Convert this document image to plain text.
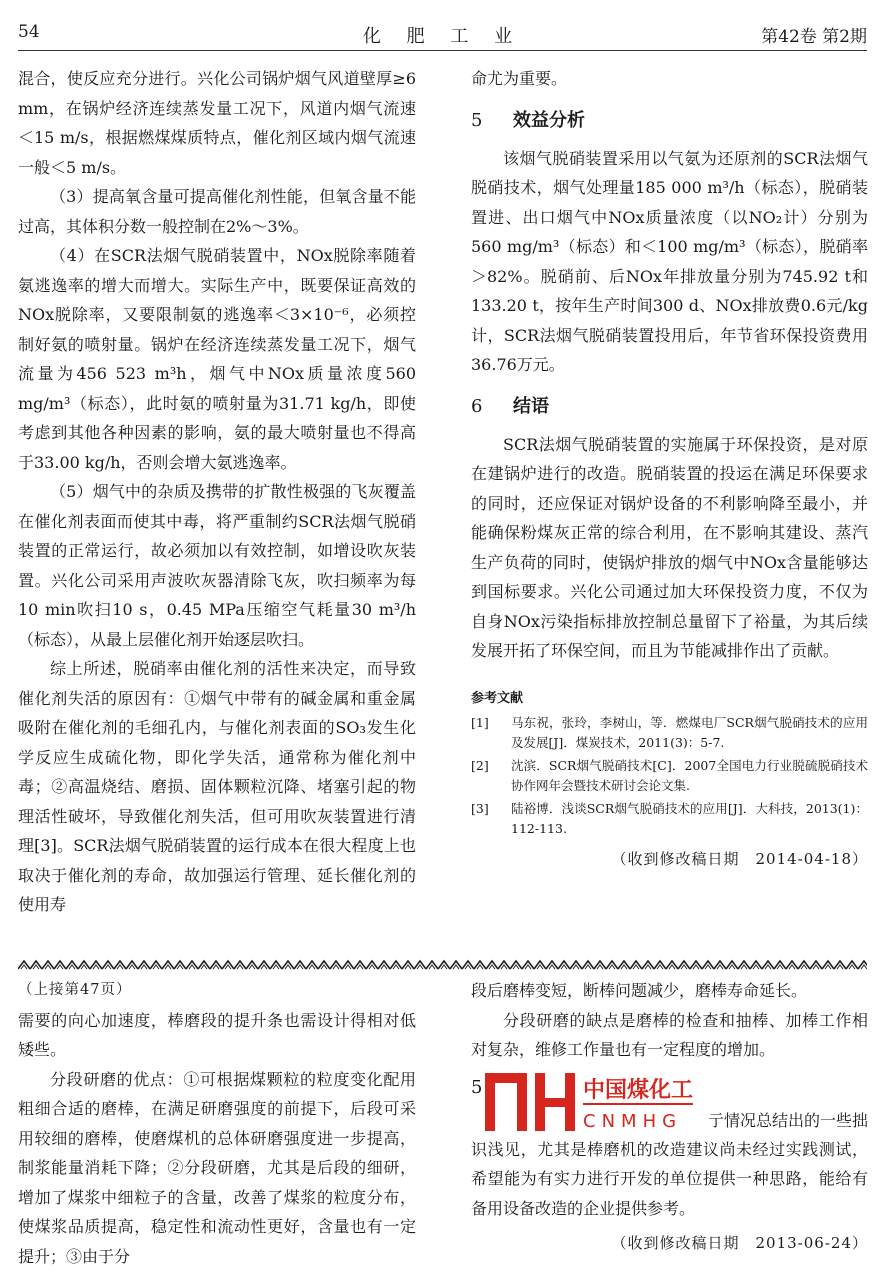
54	化 肥 工 业	第42卷 第2期

混合，使反应充分进行。兴化公司锅炉烟气风道壁厚≥6 mm，在锅炉经济连续蒸发量工况下，风道内烟气流速＜15 m/s，根据燃煤煤质特点，催化剂区域内烟气流速一般＜5 m/s。

（3）提高氧含量可提高催化剂性能，但氧含量不能过高，其体积分数一般控制在2%～3%。

（4）在SCR法烟气脱硝装置中，NOx脱除率随着氨逃逸率的增大而增大。实际生产中，既要保证高效的NOx脱除率，又要限制氨的逃逸率＜3×10⁻⁶，必须控制好氨的喷射量。锅炉在经济连续蒸发量工况下，烟气流量为456 523 m³h，烟气中NOx质量浓度560 mg/m³（标态），此时氨的喷射量为31.71 kg/h，即使考虑到其他各种因素的影响，氨的最大喷射量也不得高于33.00 kg/h，否则会增大氨逃逸率。

（5）烟气中的杂质及携带的扩散性极强的飞灰覆盖在催化剂表面而使其中毒，将严重制约SCR法烟气脱硝装置的正常运行，故必须加以有效控制，如增设吹灰装置。兴化公司采用声波吹灰器清除飞灰，吹扫频率为每10 min吹扫10 s，0.45 MPa压缩空气耗量30 m³/h（标态），从最上层催化剂开始逐层吹扫。

综上所述，脱硝率由催化剂的活性来决定，而导致催化剂失活的原因有：①烟气中带有的碱金属和重金属吸附在催化剂的毛细孔内，与催化剂表面的SO₃发生化学反应生成硫化物，即化学失活，通常称为催化剂中毒；②高温烧结、磨损、固体颗粒沉降、堵塞引起的物理活性破坏，导致催化剂失活，但可用吹灰装置进行清理[3]。SCR法烟气脱硝装置的运行成本在很大程度上也取决于催化剂的寿命，故加强运行管理、延长催化剂的使用寿

命尤为重要。

5 效益分析

该烟气脱硝装置采用以气氨为还原剂的SCR法烟气脱硝技术，烟气处理量185 000 m³/h（标态），脱硝装置进、出口烟气中NOx质量浓度（以NO₂计）分别为560 mg/m³（标态）和＜100 mg/m³（标态），脱硝率＞82%。脱硝前、后NOx年排放量分别为745.92 t和133.20 t，按年生产时间300 d、NOx排放费0.6元/kg计，SCR法烟气脱硝装置投用后，年节省环保投资费用36.76万元。

6 结语

SCR法烟气脱硝装置的实施属于环保投资，是对原在建锅炉进行的改造。脱硝装置的投运在满足环保要求的同时，还应保证对锅炉设备的不利影响降至最小，并能确保粉煤灰正常的综合利用，在不影响其建设、蒸汽生产负荷的同时，使锅炉排放的烟气中NOx含量能够达到国标要求。兴化公司通过加大环保投资力度，不仅为自身NOx污染指标排放控制总量留下了裕量，为其后续发展开拓了环保空间，而且为节能减排作出了贡献。

参考文献
[1]	马东祝，张玲，李树山，等．燃煤电厂SCR烟气脱硝技术的应用及发展[J]．煤炭技术，2011(3)：5-7.
[2]	沈滨．SCR烟气脱硝技术[C]．2007全国电力行业脱硫脱硝技术协作网年会暨技术研讨会论文集.
[3]	陆裕博．浅谈SCR烟气脱硝技术的应用[J]．大科技，2013(1)：112-113.
（收到修改稿日期　2014-04-18）

（上接第47页）

需要的向心加速度，棒磨段的提升条也需设计得相对低矮些。

分段研磨的优点：①可根据煤颗粒的粒度变化配用粗细合适的磨棒，在满足研磨强度的前提下，后段可采用较细的磨棒，使磨煤机的总体研磨强度进一步提高，制浆能量消耗下降；②分段研磨，尤其是后段的细研，增加了煤浆中细粒子的含量，改善了煤浆的粒度分布，使煤浆品质提高，稳定性和流动性更好，含量也有一定提升；③由于分

段后磨棒变短，断棒问题减少，磨棒寿命延长。

分段研磨的缺点是磨棒的检查和抽棒、加棒工作相对复杂，维修工作量也有一定程度的增加。

5	中国煤化工
CNMHG 亍情况总结出的一些拙

识浅见，尤其是棒磨机的改造建议尚未经过实践测试，希望能为有实力进行开发的单位提供一种思路，能给有备用设备改造的企业提供参考。

（收到修改稿日期　2013-06-24）
